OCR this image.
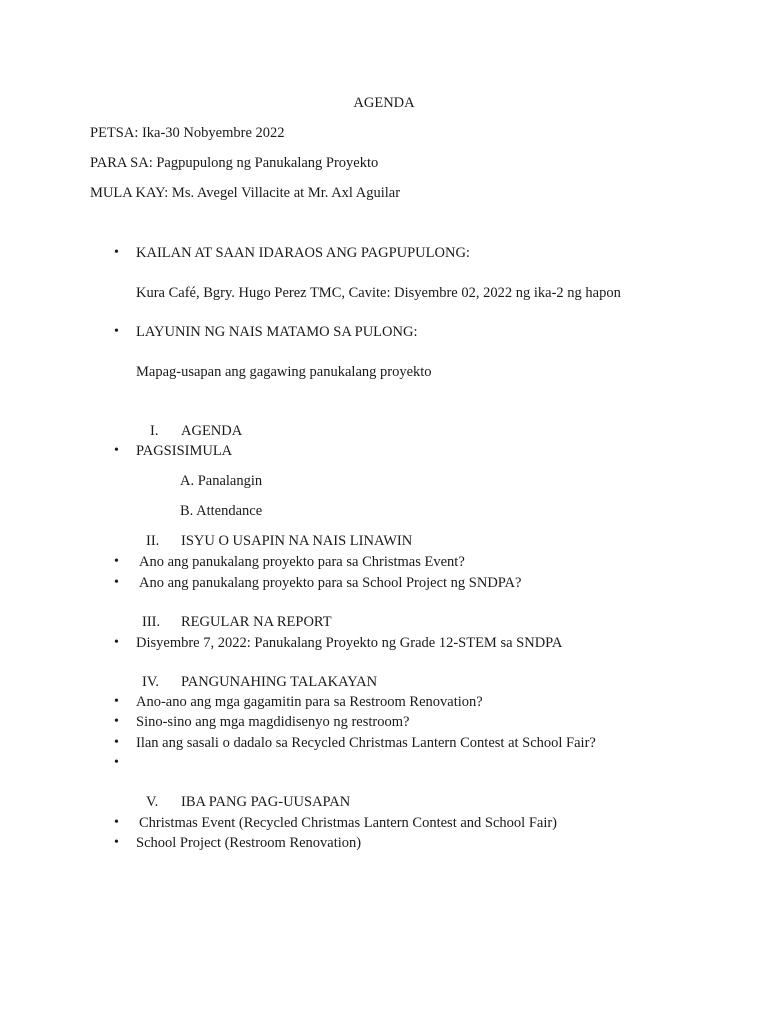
AGENDA
PETSA: Ika-30 Nobyembre 2022
PARA SA: Pagpupulong ng Panukalang Proyekto
MULA KAY: Ms. Avegel Villacite at Mr. Axl Aguilar
• KAILAN AT SAAN IDARAOS ANG PAGPUPULONG:
Kura Café, Bgry. Hugo Perez TMC, Cavite: Disyembre 02, 2022 ng ika-2 ng hapon
• LAYUNIN NG NAIS MATAMO SA PULONG:
Mapag-usapan ang gagawing panukalang proyekto
I. AGENDA
• PAGSISIMULA
A. Panalangin
B. Attendance
II. ISYU O USAPIN NA NAIS LINAWIN
• Ano ang panukalang proyekto para sa Christmas Event?
• Ano ang panukalang proyekto para sa School Project ng SNDPA?
III. REGULAR NA REPORT
• Disyembre 7, 2022: Panukalang Proyekto ng Grade 12-STEM sa SNDPA
IV. PANGUNAHING TALAKAYAN
• Ano-ano ang mga gagamitin para sa Restroom Renovation?
• Sino-sino ang mga magdidisenyo ng restroom?
• Ilan ang sasali o dadalo sa Recycled Christmas Lantern Contest at School Fair?
•
V. IBA PANG PAG-UUSAPAN
• Christmas Event (Recycled Christmas Lantern Contest and School Fair)
• School Project (Restroom Renovation)
